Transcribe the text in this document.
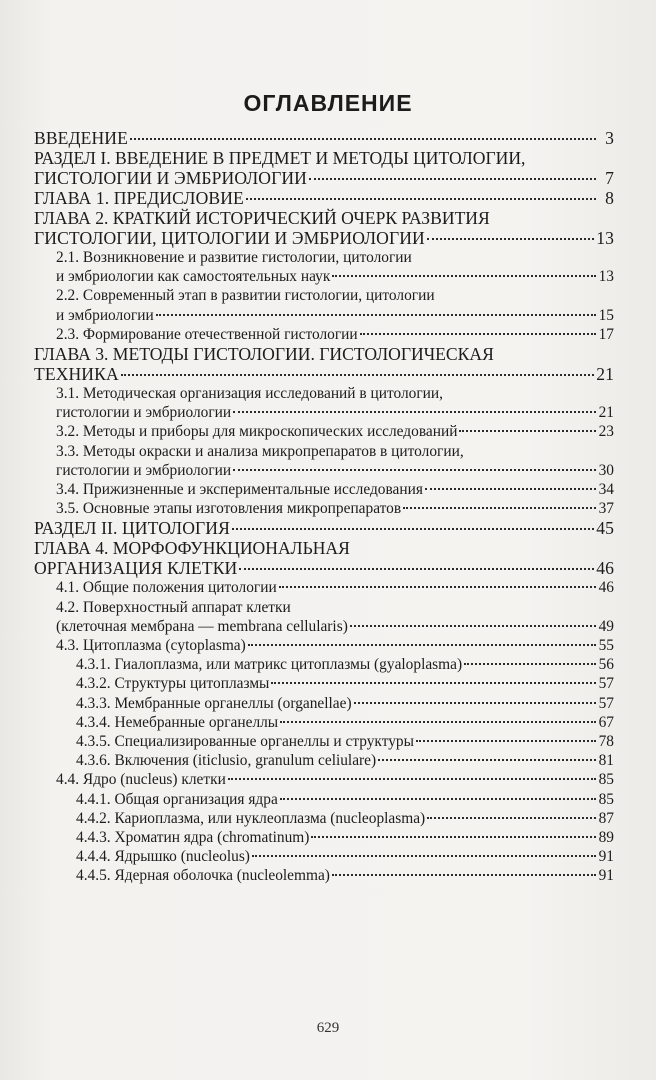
ОГЛАВЛЕНИЕ
ВВЕДЕНИЕ	3
РАЗДЕЛ I. ВВЕДЕНИЕ В ПРЕДМЕТ И МЕТОДЫ ЦИТОЛОГИИ,
ГИСТОЛОГИИ И ЭМБРИОЛОГИИ	7
ГЛАВА 1. ПРЕДИСЛОВИЕ	8
ГЛАВА 2. КРАТКИЙ ИСТОРИЧЕСКИЙ ОЧЕРК РАЗВИТИЯ
ГИСТОЛОГИИ, ЦИТОЛОГИИ И ЭМБРИОЛОГИИ	13
2.1. Возникновение и развитие гистологии, цитологии
и эмбриологии как самостоятельных наук	13
2.2. Современный этап в развитии гистологии, цитологии
и эмбриологии	15
2.3. Формирование отечественной гистологии	17
ГЛАВА 3. МЕТОДЫ ГИСТОЛОГИИ. ГИСТОЛОГИЧЕСКАЯ
ТЕХНИКА	21
3.1. Методическая организация исследований в цитологии,
гистологии и эмбриологии	21
3.2. Методы и приборы для микроскопических исследований	23
3.3. Методы окраски и анализа микропрепаратов в цитологии,
гистологии и эмбриологии	30
3.4. Прижизненные и экспериментальные исследования	34
3.5. Основные этапы изготовления микропрепаратов	37
РАЗДЕЛ II. ЦИТОЛОГИЯ	45
ГЛАВА 4. МОРФОФУНКЦИОНАЛЬНАЯ
ОРГАНИЗАЦИЯ КЛЕТКИ	46
4.1. Общие положения цитологии	46
4.2. Поверхностный аппарат клетки
(клеточная мембрана — membrana cellularis)	49
4.3. Цитоплазма (cytoplasma)	55
4.3.1. Гиалоплазма, или матрикс цитоплазмы (gyaloplasma)	56
4.3.2. Структуры цитоплазмы	57
4.3.3. Мембранные органеллы (organellae)	57
4.3.4. Немебранные органеллы	67
4.3.5. Специализированные органеллы и структуры	78
4.3.6. Включения (iticlusio, granulum celiulare)	81
4.4. Ядро (nucleus) клетки	85
4.4.1. Общая организация ядра	85
4.4.2. Кариоплазма, или нуклеоплазма (nucleoplasma)	87
4.4.3. Хроматин ядра (chromatinum)	89
4.4.4. Ядрышко (nucleolus)	91
4.4.5. Ядерная оболочка (nucleolemma)	91
629
